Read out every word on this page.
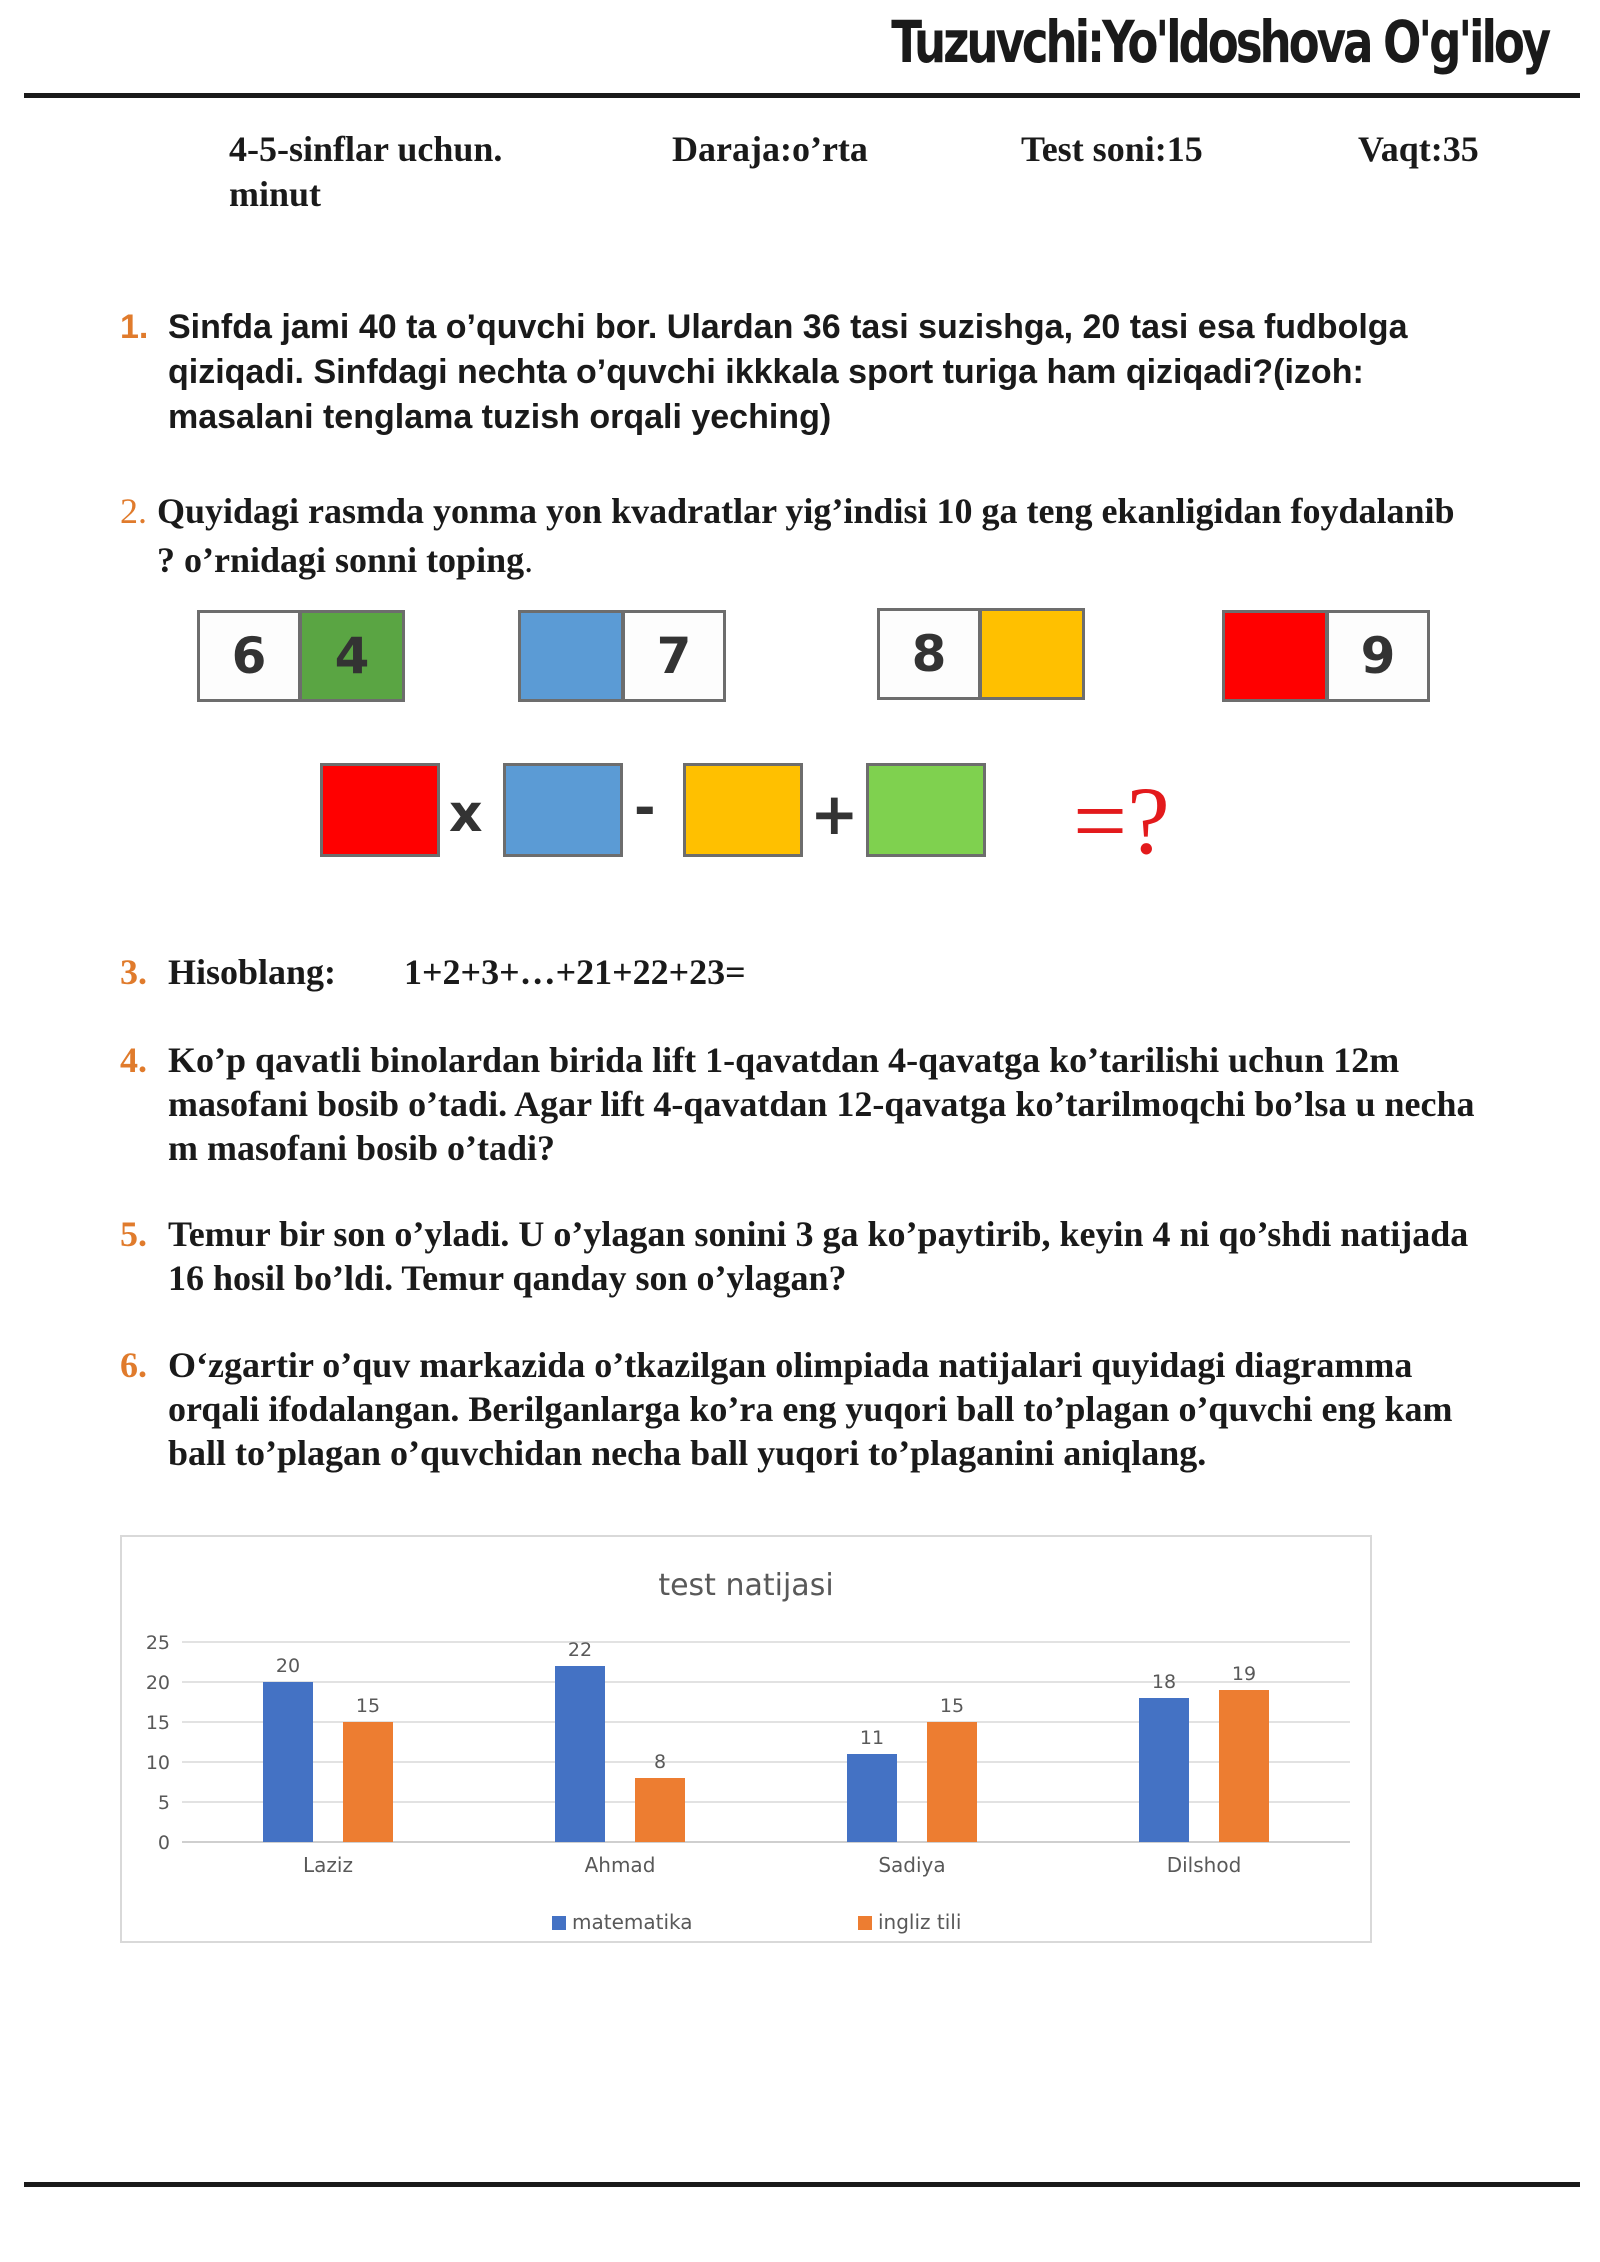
Tuzuvchi:Yo'ldoshova O'g'iloy
4-5-sinflar uchun.	Daraja:o’rta	Test soni:15	Vaqt:35
minut
1. Sinfda jami 40 ta o’quvchi bor. Ulardan 36 tasi suzishga, 20 tasi esa fudbolga qiziqadi. Sinfdagi nechta o’quvchi ikkkala sport turiga ham qiziqadi?(izoh: masalani tenglama tuzish orqali yeching)
2. Quyidagi rasmda yonma yon kvadratlar yig’indisi 10 ga teng ekanligidan foydalanib ? o’rnidagi sonni toping.
6	4	7	8	9
x	-	+ =?
3. Hisoblang: 1+2+3+…+21+22+23=
4. Ko’p qavatli binolardan birida lift 1-qavatdan 4-qavatga ko’tarilishi uchun 12m masofani bosib o’tadi. Agar lift 4-qavatdan 12-qavatga ko’tarilmoqchi bo’lsa u necha m masofani bosib o’tadi?
5. Temur bir son o’yladi. U o’ylagan sonini 3 ga ko’paytirib, keyin 4 ni qo’shdi natijada 16 hosil bo’ldi. Temur qanday son o’ylagan?
6. O‘zgartir o’quv markazida o’tkazilgan olimpiada natijalari quyidagi diagramma orqali ifodalangan. Berilganlarga ko’ra eng yuqori ball to’plagan o’quvchi eng kam ball to’plagan o’quvchidan necha ball yuqori to’plaganini aniqlang.
test natijasi
0
5
10
15
20
25
Laziz
20
15
Ahmad
22
8
Sadiya
11
15
Dilshod
18	19
matematika	ingliz tili
